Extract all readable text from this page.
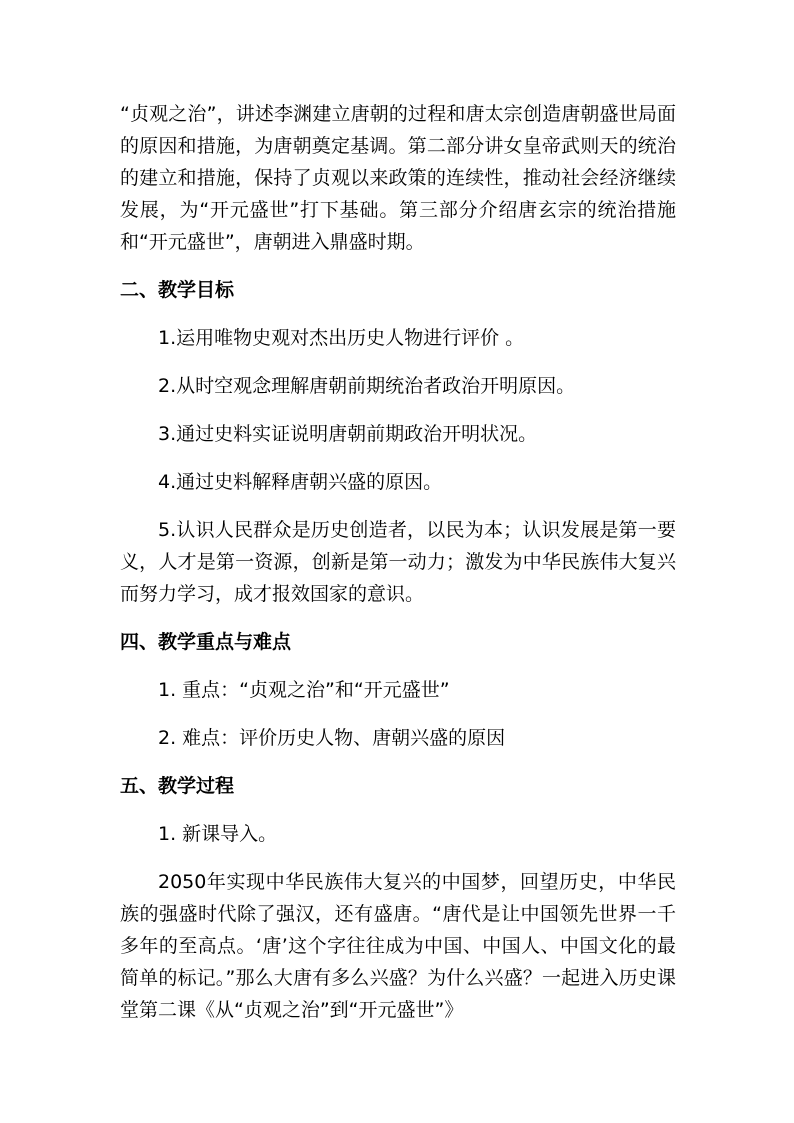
“贞观之治”，讲述李渊建立唐朝的过程和唐太宗创造唐朝盛世局面的原因和措施，为唐朝奠定基调。第二部分讲女皇帝武则天的统治的建立和措施，保持了贞观以来政策的连续性，推动社会经济继续发展，为“开元盛世”打下基础。第三部分介绍唐玄宗的统治措施和“开元盛世”，唐朝进入鼎盛时期。

二、教学目标

1.运用唯物史观对杰出历史人物进行评价 。

2.从时空观念理解唐朝前期统治者政治开明原因。

3.通过史料实证说明唐朝前期政治开明状况。

4.通过史料解释唐朝兴盛的原因。

5.认识人民群众是历史创造者，以民为本；认识发展是第一要义，人才是第一资源，创新是第一动力；激发为中华民族伟大复兴而努力学习，成才报效国家的意识。

四、教学重点与难点

1. 重点：“贞观之治”和“开元盛世”

2. 难点：评价历史人物、唐朝兴盛的原因

五、教学过程

1. 新课导入。

2050年实现中华民族伟大复兴的中国梦，回望历史，中华民族的强盛时代除了强汉，还有盛唐。“唐代是让中国领先世界一千多年的至高点。‘唐’这个字往往成为中国、中国人、中国文化的最简单的标记。”那么大唐有多么兴盛？为什么兴盛？一起进入历史课堂第二课《从“贞观之治”到“开元盛世”》
